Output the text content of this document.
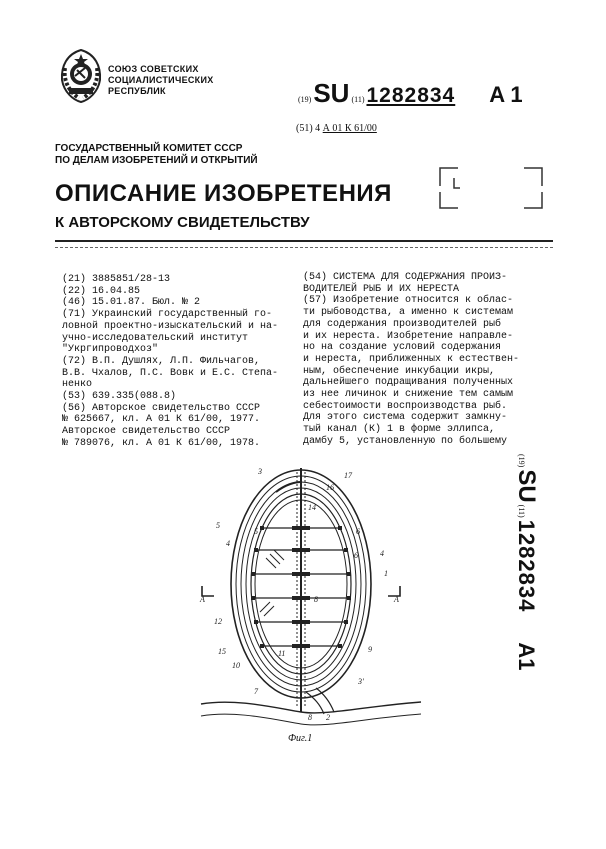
СОЮЗ СОВЕТСКИХ
СОЦИАЛИСТИЧЕСКИХ
РЕСПУБЛИК
(19) SU (11) 1282834 A 1
(51) 4 А 01 К 61/00
ГОСУДАРСТВЕННЫЙ КОМИТЕТ СССР
ПО ДЕЛАМ ИЗОБРЕТЕНИЙ И ОТКРЫТИЙ
ОПИСАНИЕ ИЗОБРЕТЕНИЯ
К АВТОРСКОМУ СВИДЕТЕЛЬСТВУ
(21) 3885851/28-13
(22) 16.04.85
(46) 15.01.87. Бюл. № 2
(71) Украинский государственный го-
ловной проектно-изыскательский и на-
учно-исследовательский институт
"Укргипроводхоз"
(72) В.П. Душлях, Л.П. Фильчагов,
В.В. Чхалов, П.С. Вовк и Е.С. Степа-
ненко
(53) 639.335(088.8)
(56) Авторское свидетельство СССР
№ 625667, кл. А 01 К 61/00, 1977.
Авторское свидетельство СССР
№ 789076, кл. А 01 К 61/00, 1978.
(54) СИСТЕМА ДЛЯ СОДЕРЖАНИЯ ПРОИЗ-
ВОДИТЕЛЕЙ РЫБ И ИХ НЕРЕСТА
(57) Изобретение относится к облас-
ти рыбоводства, а именно к системам
для содержания производителей рыб
и их нереста. Изобретение направле-
но на создание условий содержания
и нереста, приближенных к естествен-
ным, обеспечение инкубации икры,
дальнейшего подращивания полученных
из нее личинок и снижение тем самым
себестоимости воспроизводства рыб.
Для этого система содержит замкну-
тый канал (К) 1 в форме эллипса,
дамбу 5, установленную по большему
(19)
SU
(11)
1282834
A1
3	17
1
4
5
6
9
3'
4
A	A
12
16
15
10
7
8 2
11
8
6
5
14
Фиг.1
